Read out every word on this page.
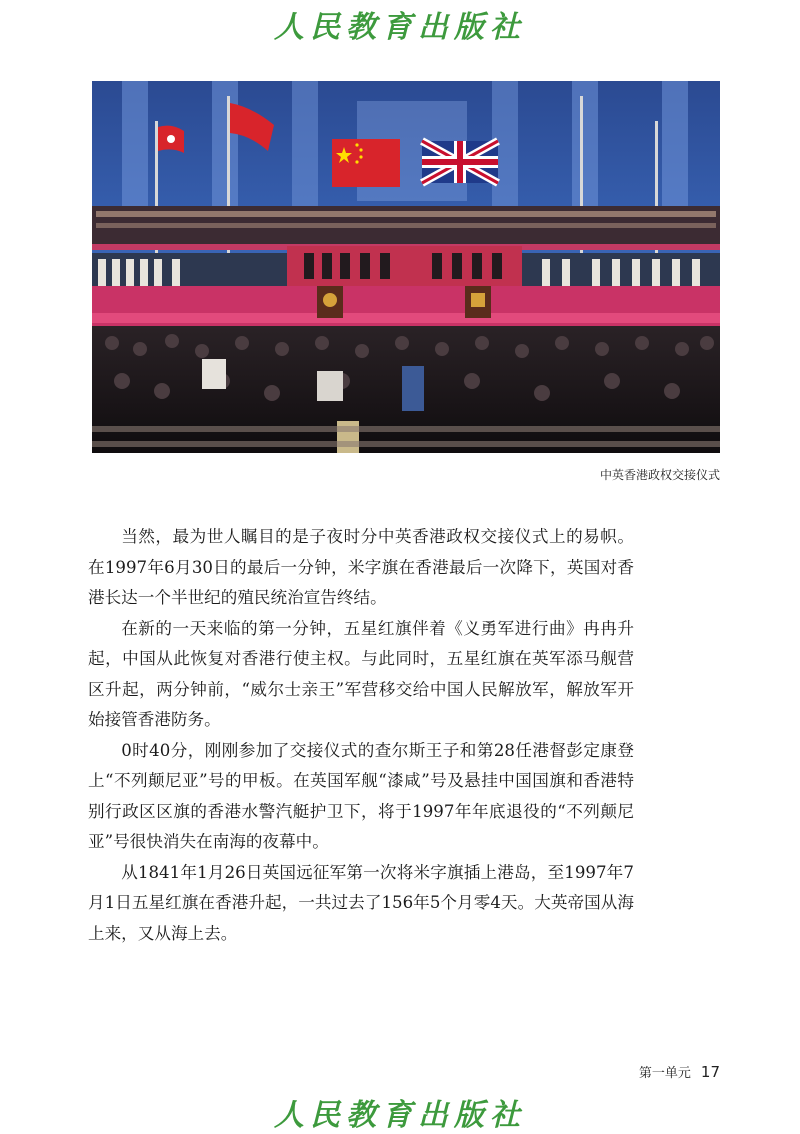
人民教育出版社
中英香港政权交接仪式

当然，最为世人瞩目的是子夜时分中英香港政权交接仪式上的易帜。在1997年6月30日的最后一分钟，米字旗在香港最后一次降下，英国对香港长达一个半世纪的殖民统治宣告终结。

在新的一天来临的第一分钟，五星红旗伴着《义勇军进行曲》冉冉升起，中国从此恢复对香港行使主权。与此同时，五星红旗在英军添马舰营区升起，两分钟前，“威尔士亲王”军营移交给中国人民解放军，解放军开始接管香港防务。

0时40分，刚刚参加了交接仪式的查尔斯王子和第28任港督彭定康登上“不列颠尼亚”号的甲板。在英国军舰“漆咸”号及悬挂中国国旗和香港特别行政区区旗的香港水警汽艇护卫下，将于1997年年底退役的“不列颠尼亚”号很快消失在南海的夜幕中。

从1841年1月26日英国远征军第一次将米字旗插上港岛，至1997年7月1日五星红旗在香港升起，一共过去了156年5个月零4天。大英帝国从海上来，又从海上去。

第一单元 17
人民教育出版社
